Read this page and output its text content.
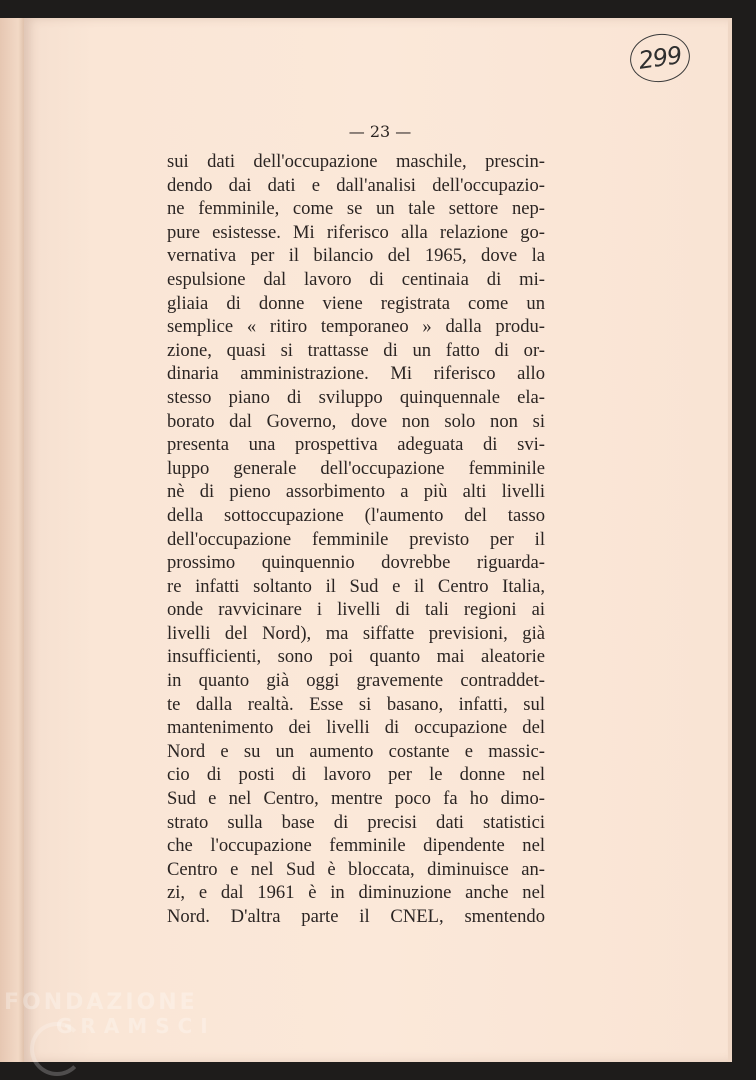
299

— 23 —

sui dati dell'occupazione maschile, prescin-
dendo dai dati e dall'analisi dell'occupazio-
ne femminile, come se un tale settore nep-
pure esistesse. Mi riferisco alla relazione go-
vernativa per il bilancio del 1965, dove la
espulsione dal lavoro di centinaia di mi-
gliaia di donne viene registrata come un
semplice « ritiro temporaneo » dalla produ-
zione, quasi si trattasse di un fatto di or-
dinaria amministrazione. Mi riferisco allo
stesso piano di sviluppo quinquennale ela-
borato dal Governo, dove non solo non si
presenta una prospettiva adeguata di svi-
luppo generale dell'occupazione femminile
nè di pieno assorbimento a più alti livelli
della sottoccupazione (l'aumento del tasso
dell'occupazione femminile previsto per il
prossimo quinquennio dovrebbe riguarda-
re infatti soltanto il Sud e il Centro Italia,
onde ravvicinare i livelli di tali regioni ai
livelli del Nord), ma siffatte previsioni, già
insufficienti, sono poi quanto mai aleatorie
in quanto già oggi gravemente contraddet-
te dalla realtà. Esse si basano, infatti, sul
mantenimento dei livelli di occupazione del
Nord e su un aumento costante e massic-
cio di posti di lavoro per le donne nel
Sud e nel Centro, mentre poco fa ho dimo-
strato sulla base di precisi dati statistici
che l'occupazione femminile dipendente nel
Centro e nel Sud è bloccata, diminuisce an-
zi, e dal 1961 è in diminuzione anche nel
Nord. D'altra parte il CNEL, smentendo
FONDAZIONE
GRAMSCI
